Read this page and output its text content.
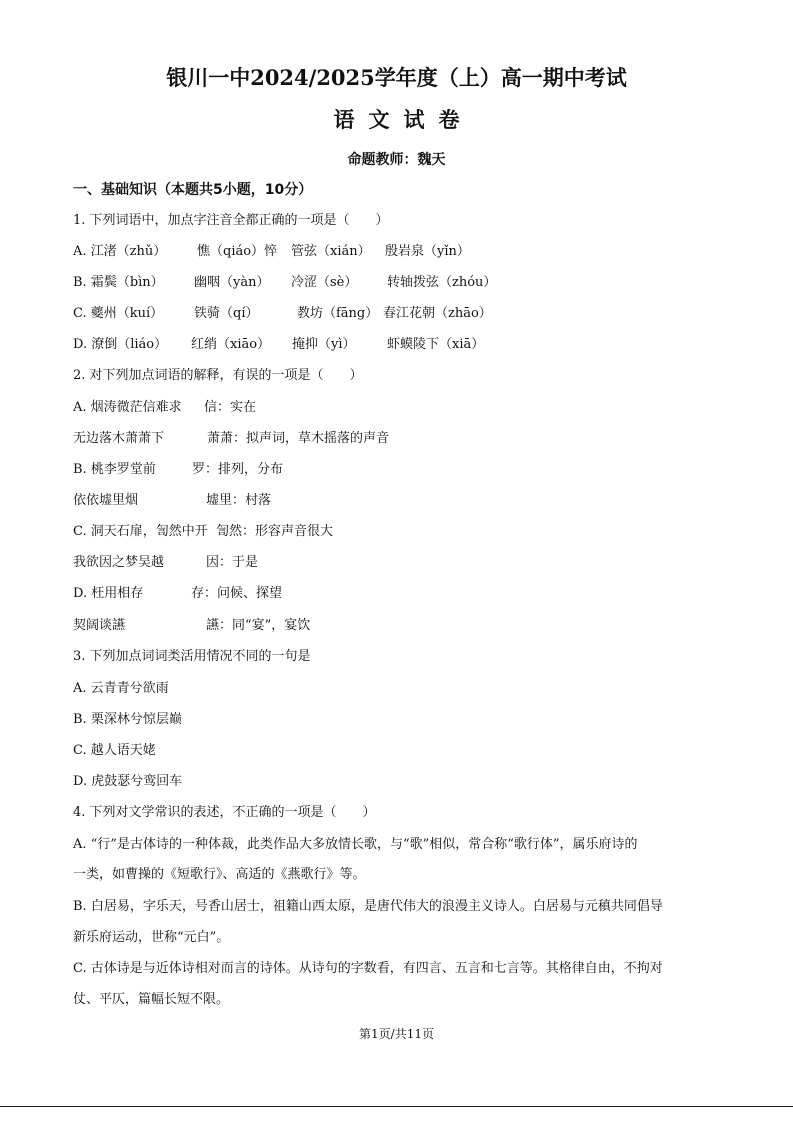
银川一中2024/2025学年度（上）高一期中考试
语文试卷
命题教师：魏天
一、基础知识（本题共5小题，10分）
1. 下列词语中，加点字注音全都正确的一项是（　　）
A. 江渚（zhǔ） 憔（qiáo）悴 管弦（xián） 殷岩泉（yǐn）
B. 霜鬓（bìn） 幽咽（yàn） 冷涩（sè） 转轴拨弦（zhóu）
C. 夔州（kuí） 铁骑（qí）	教坊（fāng） 春江花朝（zhāo）
D. 潦倒（liáo） 红绡（xiāo） 掩抑（yì） 虾蟆陵下（xiā）
2. 对下列加点词语的解释，有误的一项是（　　）
A. 烟涛微茫信难求 信：实在
无边落木萧萧下	萧萧：拟声词，草木摇落的声音
B. 桃李罗堂前	罗：排列，分布
依依墟里烟	墟里：村落
C. 洞天石扉，訇然中开 訇然：形容声音很大
我欲因之梦吴越	因：于是
D. 枉用相存	存：问候、探望
契阔谈讌	讌：同“宴”，宴饮
3. 下列加点词词类活用情况不同的一句是
A. 云青青兮欲雨
B. 栗深林兮惊层巅
C. 越人语天姥
D. 虎鼓瑟兮鸾回车
4. 下列对文学常识的表述，不正确的一项是（　　）
A. “行”是古体诗的一种体裁，此类作品大多放情长歌，与“歌”相似，常合称“歌行体”，属乐府诗的
一类，如曹操的《短歌行》、高适的《燕歌行》等。
B. 白居易，字乐天，号香山居士，祖籍山西太原，是唐代伟大的浪漫主义诗人。白居易与元稹共同倡导
新乐府运动，世称“元白”。
C. 古体诗是与近体诗相对而言的诗体。从诗句的字数看，有四言、五言和七言等。其格律自由，不拘对
仗、平仄，篇幅长短不限。
第1页/共11页
